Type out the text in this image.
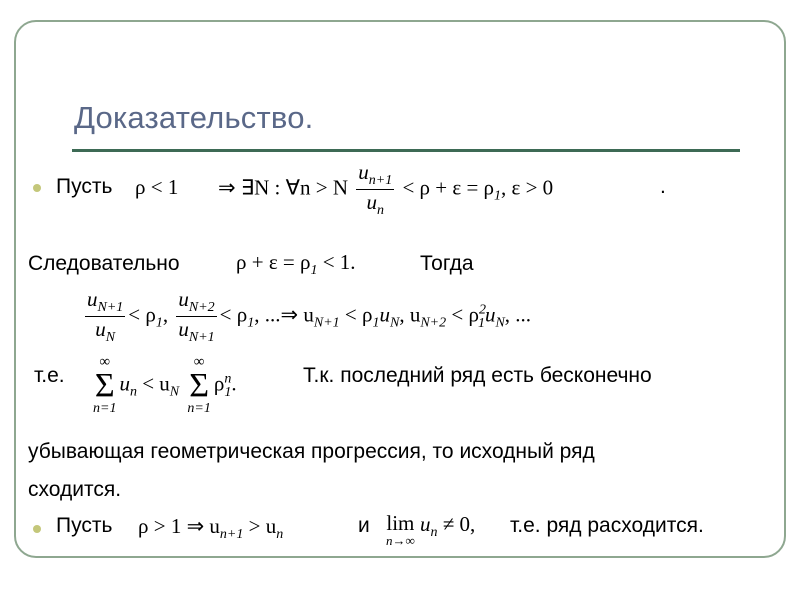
Доказательство.
Пусть ρ < 1 ⇒ ∃N : ∀n > N $\frac{u_{n+1}}{u_n} < \rho + \varepsilon = \rho_1$, ε > 0	.
Следовательно	$\rho + \varepsilon = \rho_1 < 1$.	Тогда
$\frac{u_{N+1}}{u_N} < \rho_1$, $\frac{u_{N+2}}{u_{N+1}} < \rho_1$, ...⇒ $u_{N+1} < \rho_1u_N$, $u_{N+2} < \rho^2_1u_N$, ...
т.е.
∞
Σ
n=1
$u_n < u_N$
∞
Σ
n=1
$\rho^n_1$.	Т.к. последний ряд есть бесконечно
убывающая геометрическая прогрессия, то исходный ряд
сходится.
Пусть ρ > 1 ⇒ $u_{n+1} > u_n$	и lim
n→∞
$u_n \ne 0$, т.е. ряд расходится.
